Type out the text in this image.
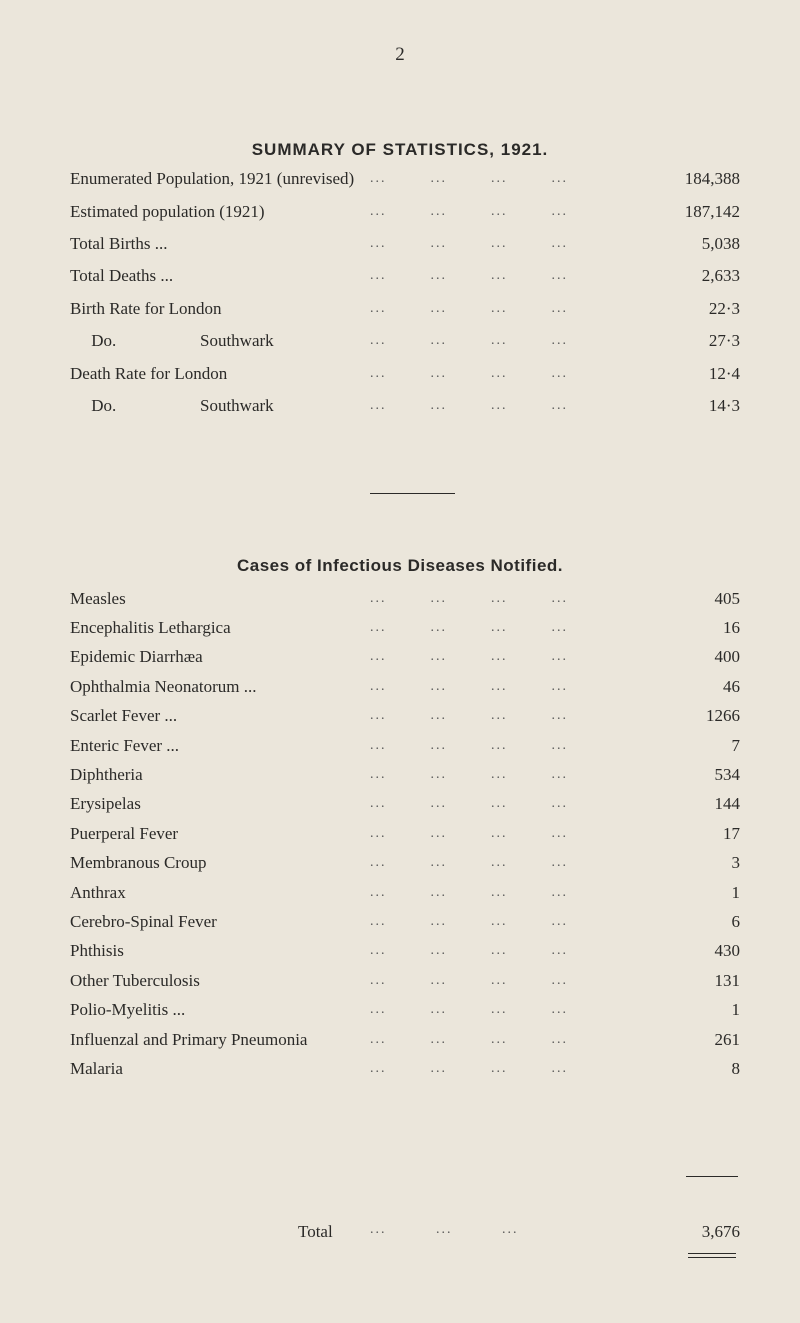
2
SUMMARY OF STATISTICS, 1921.
Enumerated Population, 1921 (unrevised) ...        ...        ...        ...	184,388
Estimated population (1921)	...        ...        ...        ...	187,142
Total Births ...	...        ...        ...        ...	5,038
Total Deaths ...	...        ...        ...        ...	2,633
Birth Rate for London	...        ...        ...        ...	22·3
Do.	Southwark	...        ...        ...        ...	27·3
Death Rate for London	...        ...        ...        ...	12·4
Do.	Southwark	...        ...        ...        ...	14·3
Cases of Infectious Diseases Notified.
Measles	...        ...        ...        ...	405
Encephalitis Lethargica	...        ...        ...        ...	16
Epidemic Diarrhæa	...        ...        ...        ...	400
Ophthalmia Neonatorum ...	...        ...        ...        ...	46
Scarlet Fever ...	...        ...        ...        ...	1266
Enteric Fever ...	...        ...        ...        ...	7
Diphtheria	...        ...        ...        ...	534
Erysipelas	...        ...        ...        ...	144
Puerperal Fever	...        ...        ...        ...	17
Membranous Croup	...        ...        ...        ...	3
Anthrax	...        ...        ...        ...	1
Cerebro-Spinal Fever	...        ...        ...        ...	6
Phthisis	...        ...        ...        ...	430
Other Tuberculosis	...        ...        ...        ...	131
Polio-Myelitis ...	...        ...        ...        ...	1
Influenzal and Primary Pneumonia	...        ...        ...        ...	261
Malaria	...        ...        ...        ...	8
Total	...         ...         ...	3,676
